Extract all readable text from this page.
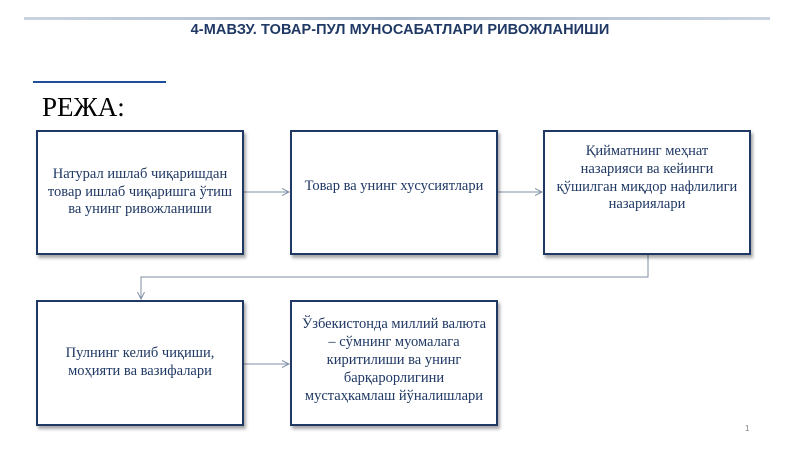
4-МАВЗУ. ТОВАР-ПУЛ МУНОСАБАТЛАРИ РИВОЖЛАНИШИ
РЕЖА:
Натурал ишлаб чиқаришдан товар ишлаб чиқаришга ўтиш ва унинг ривожланиши
Товар ва унинг хусусиятлари
Қийматнинг меҳнат назарияси ва кейинги қўшилган миқдор нафлилиги назариялари
Пулнинг келиб чиқиши, моҳияти ва вазифалари
Ўзбекистонда миллий валюта – сўмнинг муомалага киритилиши ва унинг барқарорлигини мустаҳкамлаш йўналишлари
1
